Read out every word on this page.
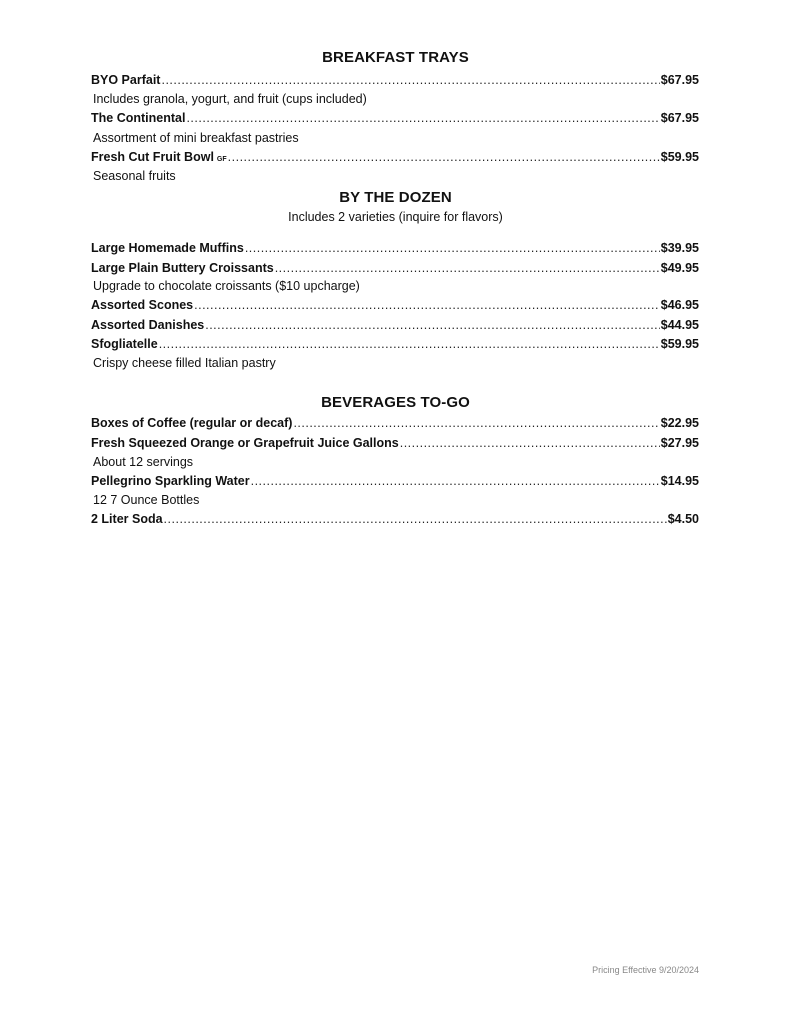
BREAKFAST TRAYS
BYO Parfait .....	$67.95
Includes granola, yogurt, and fruit (cups included)
The Continental .....	$67.95
Assortment of mini breakfast pastries
Fresh Cut Fruit Bowl GF .....	$59.95
Seasonal fruits
BY THE DOZEN
Includes 2 varieties (inquire for flavors)
Large Homemade Muffins .....	$39.95
Large Plain Buttery Croissants .....	$49.95
Upgrade to chocolate croissants ($10 upcharge)
Assorted Scones .....	$46.95
Assorted Danishes .....	$44.95
Sfogliatelle .....	$59.95
Crispy cheese filled Italian pastry
BEVERAGES TO-GO
Boxes of Coffee (regular or decaf) .....	$22.95
Fresh Squeezed Orange or Grapefruit Juice Gallons .....	$27.95
About 12 servings
Pellegrino Sparkling Water .....	$14.95
12 7 Ounce Bottles
2 Liter Soda .....	$4.50
Pricing Effective 9/20/2024
